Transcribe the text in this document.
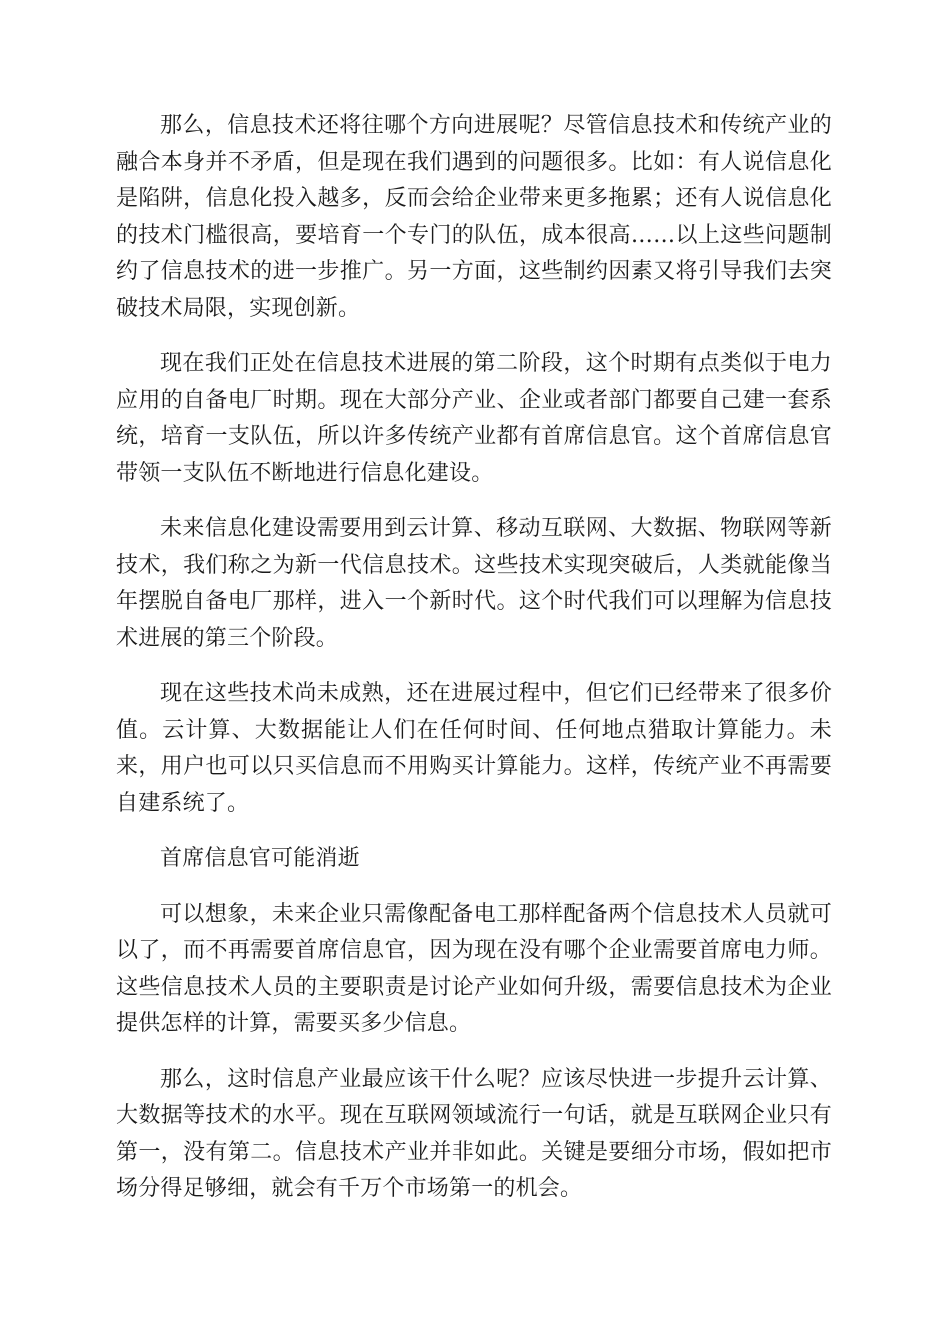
那么，信息技术还将往哪个方向进展呢？尽管信息技术和传统产业的融合本身并不矛盾，但是现在我们遇到的问题很多。比如：有人说信息化是陷阱，信息化投入越多，反而会给企业带来更多拖累；还有人说信息化的技术门槛很高，要培育一个专门的队伍，成本很高……以上这些问题制约了信息技术的进一步推广。另一方面，这些制约因素又将引导我们去突破技术局限，实现创新。

现在我们正处在信息技术进展的第二阶段，这个时期有点类似于电力应用的自备电厂时期。现在大部分产业、企业或者部门都要自己建一套系统，培育一支队伍，所以许多传统产业都有首席信息官。这个首席信息官带领一支队伍不断地进行信息化建设。

未来信息化建设需要用到云计算、移动互联网、大数据、物联网等新技术，我们称之为新一代信息技术。这些技术实现突破后，人类就能像当年摆脱自备电厂那样，进入一个新时代。这个时代我们可以理解为信息技术进展的第三个阶段。

现在这些技术尚未成熟，还在进展过程中，但它们已经带来了很多价值。云计算、大数据能让人们在任何时间、任何地点猎取计算能力。未来，用户也可以只买信息而不用购买计算能力。这样，传统产业不再需要自建系统了。

首席信息官可能消逝

可以想象，未来企业只需像配备电工那样配备两个信息技术人员就可以了，而不再需要首席信息官，因为现在没有哪个企业需要首席电力师。这些信息技术人员的主要职责是讨论产业如何升级，需要信息技术为企业提供怎样的计算，需要买多少信息。

那么，这时信息产业最应该干什么呢？应该尽快进一步提升云计算、大数据等技术的水平。现在互联网领域流行一句话，就是互联网企业只有第一，没有第二。信息技术产业并非如此。关键是要细分市场，假如把市场分得足够细，就会有千万个市场第一的机会。
